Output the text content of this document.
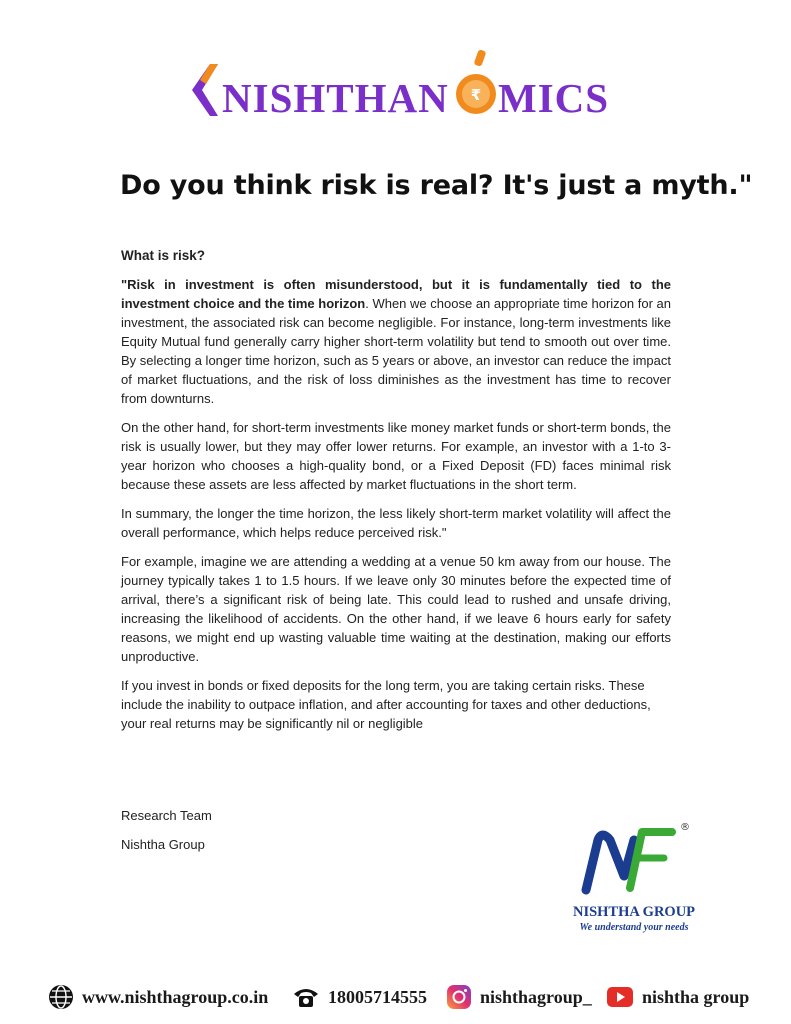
NISHTHAN ₹ MICS
Do you think risk is real? It's just a myth."
What is risk?

"Risk in investment is often misunderstood, but it is fundamentally tied to the investment choice and the time horizon. When we choose an appropriate time horizon for an investment, the associated risk can become negligible. For instance, long-term investments like Equity Mutual fund generally carry higher short-term volatility but tend to smooth out over time. By selecting a longer time horizon, such as 5 years or above, an investor can reduce the impact of market fluctuations, and the risk of loss diminishes as the investment has time to recover from downturns.

On the other hand, for short-term investments like money market funds or short-term bonds, the risk is usually lower, but they may offer lower returns. For example, an investor with a 1-to 3-year horizon who chooses a high-quality bond, or a Fixed Deposit (FD) faces minimal risk because these assets are less affected by market fluctuations in the short term.

In summary, the longer the time horizon, the less likely short-term market volatility will affect the overall performance, which helps reduce perceived risk."

For example, imagine we are attending a wedding at a venue 50 km away from our house. The journey typically takes 1 to 1.5 hours. If we leave only 30 minutes before the expected time of arrival, there’s a significant risk of being late. This could lead to rushed and unsafe driving, increasing the likelihood of accidents. On the other hand, if we leave 6 hours early for safety reasons, we might end up wasting valuable time waiting at the destination, making our efforts unproductive.

If you invest in bonds or fixed deposits for the long term, you are taking certain risks. These include the inability to outpace inflation, and after accounting for taxes and other deductions, your real returns may be significantly nil or negligible

Research Team
Nishtha Group
®
NISHTHA GROUP
We understand your needs
www.nishthagroup.co.in	18005714555	nishthagroup_	nishtha group
